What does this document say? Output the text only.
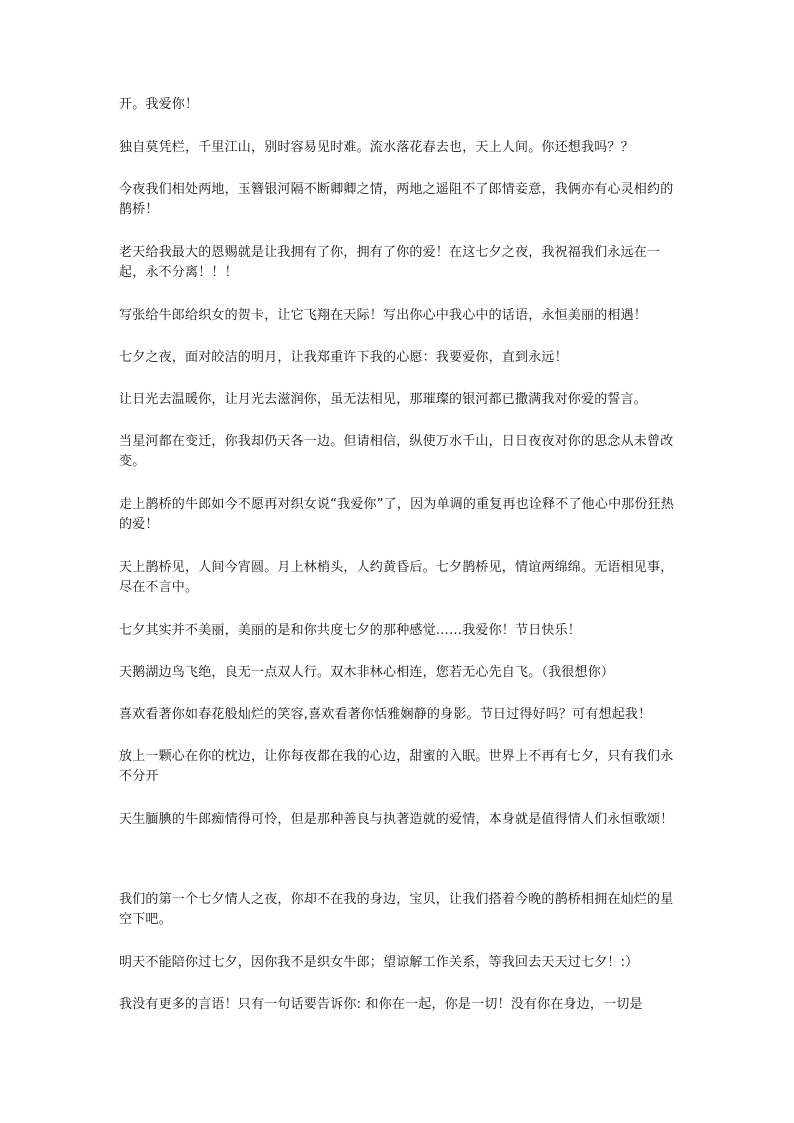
开。我爱你！

独自莫凭栏，千里江山，别时容易见时难。流水落花春去也，天上人间。你还想我吗？？

今夜我们相处两地，玉簪银河隔不断卿卿之情，两地之遥阻不了郎情妾意，我俩亦有心灵相约的鹊桥！

老天给我最大的恩赐就是让我拥有了你，拥有了你的爱！在这七夕之夜，我祝福我们永远在一起，永不分离！！！

写张给牛郎给织女的贺卡，让它飞翔在天际！写出你心中我心中的话语，永恒美丽的相遇！

七夕之夜，面对皎洁的明月，让我郑重许下我的心愿：我要爱你，直到永远！

让日光去温暖你，让月光去滋润你，虽无法相见，那璀璨的银河都已撒满我对你爱的誓言。

当星河都在变迁，你我却仍天各一边。但请相信，纵使万水千山，日日夜夜对你的思念从未曾改变。

走上鹊桥的牛郎如今不愿再对织女说“我爱你”了，因为单调的重复再也诠释不了他心中那份狂热的爱！

天上鹊桥见，人间今宵圆。月上林梢头，人约黄昏后。七夕鹊桥见，情谊两绵绵。无语相见事，尽在不言中。

七夕其实并不美丽，美丽的是和你共度七夕的那种感觉……我爱你！节日快乐！

天鹅湖边鸟飞绝，良无一点双人行。双木非林心相连，您若无心先自飞。（我很想你）

喜欢看著你如春花般灿烂的笑容,喜欢看著你恬雅娴静的身影。节日过得好吗？可有想起我！

放上一颗心在你的枕边，让你每夜都在我的心边，甜蜜的入眠。世界上不再有七夕，只有我们永不分开

天生腼腆的牛郎痴情得可怜，但是那种善良与执著造就的爱情，本身就是值得情人们永恒歌颂！

我们的第一个七夕情人之夜，你却不在我的身边，宝贝，让我们搭着今晚的鹊桥相拥在灿烂的星空下吧。

明天不能陪你过七夕，因你我不是织女牛郎；望谅解工作关系，等我回去天天过七夕！:）

我没有更多的言语！只有一句话要告诉你: 和你在一起，你是一切！没有你在身边，一切是
